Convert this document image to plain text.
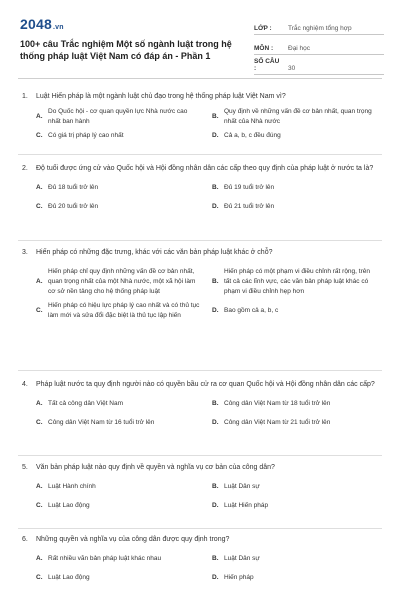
2048.vn
100+ câu Trắc nghiệm Một số ngành luật trong hệ thống pháp luật Việt Nam có đáp án - Phần 1
LỚP :	Trắc nghiệm tổng hợp
MÔN :	Đại học
SỐ CÂU :	30
1.	Luật Hiến pháp là một ngành luật chủ đạo trong hệ thống pháp luật Việt Nam vì?
A.
Do Quốc hội - cơ quan quyền lực Nhà nước cao nhất ban hành
B.
Quy định về những vấn đề cơ bản nhất, quan trọng nhất của Nhà nước
C. Có giá trị pháp lý cao nhất	D. Cả a, b, c đều đúng
2.	Độ tuổi được ứng cử vào Quốc hội và Hội đồng nhân dân các cấp theo quy định của pháp luật ở nước ta là?
A. Đủ 18 tuổi trở lên	B. Đủ 19 tuổi trở lên
C. Đủ 20 tuổi trở lên	D. Đủ 21 tuổi trở lên
3.	Hiến pháp có những đặc trưng, khác với các văn bản pháp luật khác ở chỗ?
A.
Hiến pháp chỉ quy định những vấn đề cơ bản nhất, quan trọng nhất của một Nhà nước, một xã hội làm cơ sở nền tảng cho hệ thống pháp luật
B.
Hiến pháp có một phạm vi điều chỉnh rất rộng, trên tất cả các lĩnh vực, các văn bản pháp luật khác có phạm vi điều chỉnh hẹp hơn
C.
Hiến pháp có hiệu lực pháp lý cao nhất và có thủ tục làm mới và sửa đổi đặc biệt là thủ tục lập hiến
D. Bao gồm cả a, b, c
4.	Pháp luật nước ta quy định người nào có quyền bầu cử ra cơ quan Quốc hội và Hội đồng nhân dân các cấp?
A. Tất cả công dân Việt Nam	B. Công dân Việt Nam từ 18 tuổi trở lên
C. Công dân Việt Nam từ 16 tuổi trở lên	D. Công dân Việt Nam từ 21 tuổi trở lên
5.	Văn bản pháp luật nào quy định về quyền và nghĩa vụ cơ bản của công dân?
A. Luật Hành chính	B. Luật Dân sự
C. Luật Lao động	D. Luật Hiến pháp
6.	Những quyền và nghĩa vụ của công dân được quy định trong?
A. Rất nhiều văn bản pháp luật khác nhau	B. Luật Dân sự
C. Luật Lao động	D. Hiến pháp
